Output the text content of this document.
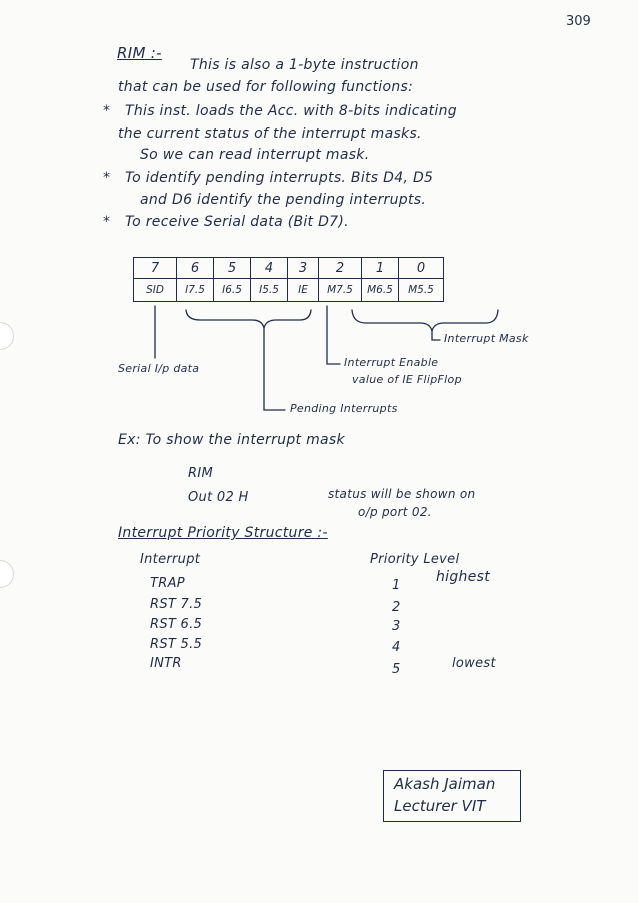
309
RIM :-
This is also a 1-byte instruction
that can be used for following functions:
* This inst. loads the Acc. with 8-bits indicating
the current status of the interrupt masks.
So we can read interrupt mask.
* To identify pending interrupts. Bits D4, D5
and D6 identify the pending interrupts.
* To receive Serial data (Bit D7).
7	6	5	4	3	2	1	0
SID	I7.5	I6.5	I5.5	IE	M7.5	M6.5	M5.5
Interrupt Mask
Serial I/p data	Interrupt Enable
value of IE FlipFlop
Pending Interrupts
Ex: To show the interrupt mask
RIM
Out 02 H	status will be shown on
o/p port 02.
Interrupt Priority Structure :-
Interrupt	Priority Level
TRAP	1
highest
RST 7.5	2
RST 6.5	3
RST 5.5	4
INTR	5	lowest
Akash Jaiman
Lecturer VIT
